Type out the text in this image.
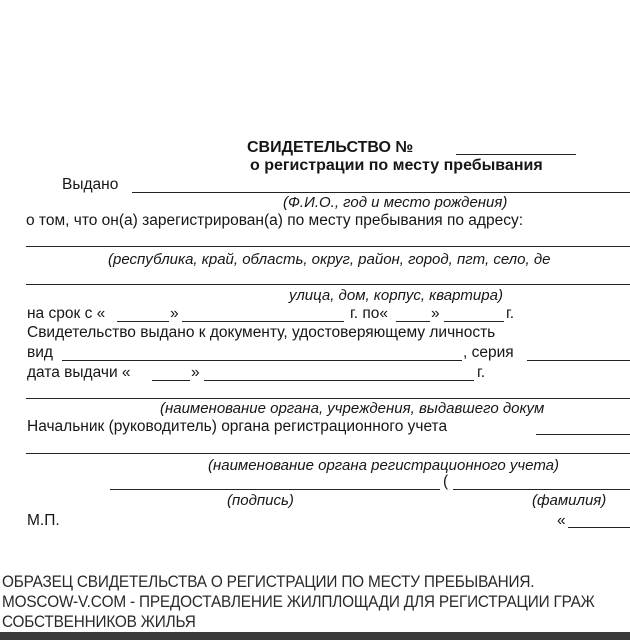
СВИДЕТЕЛЬСТВО №
о регистрации по месту пребывания
Выдано
(Ф.И.О., год и место рождения)
о том, что он(а) зарегистрирован(а) по месту пребывания по адресу:
(республика, край, область, округ, район, город, пгт, село, де
улица, дом, корпус, квартира)
на срок с «	»	г. по«	»	г.
Свидетельство выдано к документу, удостоверяющему личность
вид	, серия
дата выдачи «	»	г.
(наименование органа, учреждения, выдавшего докум
Начальник (руководитель) органа регистрационного учета
(наименование органа регистрационного учета)
(
(подпись)	(фамилия)
М.П.	«
ОБРАЗЕЦ СВИДЕТЕЛЬСТВА О РЕГИСТРАЦИИ ПО МЕСТУ ПРЕБЫВАНИЯ.
MOSCOW-V.COM - ПРЕДОСТАВЛЕНИЕ ЖИЛПЛОЩАДИ ДЛЯ РЕГИСТРАЦИИ ГРАЖ
СОБСТВЕННИКОВ ЖИЛЬЯ
